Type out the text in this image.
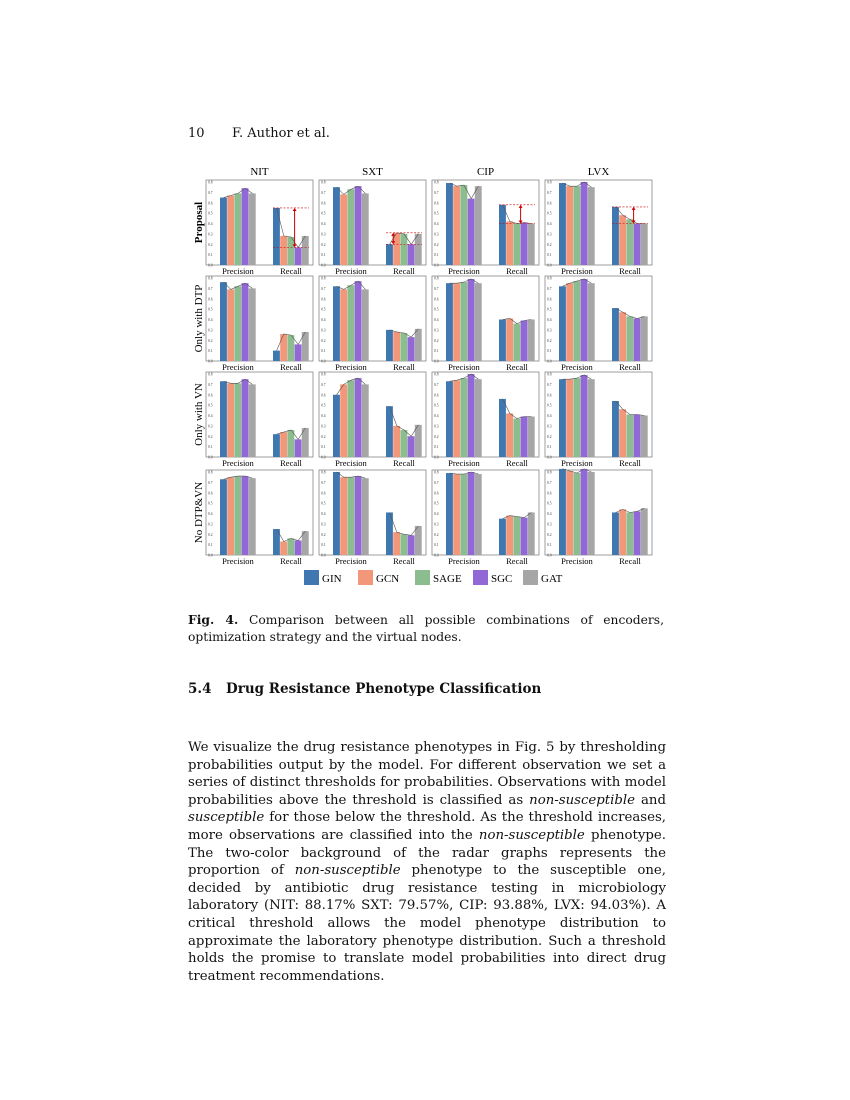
10 F. Author et al.
NIT	SXT	CIP	LVX
Proposal
Only with DTP
Only with VN
No DTP&VN
0.0
0.1
0.2
0.3
0.4
0.5
0.6
0.7
0.8
Precision	Recall
0.0
0.1
0.2
0.3
0.4
0.5
0.6
0.7
0.8
Precision	Recall
0.0
0.1
0.2
0.3
0.4
0.5
0.6
0.7
0.8
Precision	Recall
0.0
0.1
0.2
0.3
0.4
0.5
0.6
0.7
0.8
Precision	Recall
0.0
0.1
0.2
0.3
0.4
0.5
0.6
0.7
0.8
Precision	Recall
0.0
0.1
0.2
0.3
0.4
0.5
0.6
0.7
0.8
Precision	Recall
0.0
0.1
0.2
0.3
0.4
0.5
0.6
0.7
0.8
Precision	Recall
0.0
0.1
0.2
0.3
0.4
0.5
0.6
0.7
0.8
Precision	Recall
0.0
0.1
0.2
0.3
0.4
0.5
0.6
0.7
0.8
Precision	Recall
0.0
0.1
0.2
0.3
0.4
0.5
0.6
0.7
0.8
Precision	Recall
0.0
0.1
0.2
0.3
0.4
0.5
0.6
0.7
0.8
Precision	Recall
0.0
0.1
0.2
0.3
0.4
0.5
0.6
0.7
0.8
Precision	Recall
0.0
0.1
0.2
0.3
0.4
0.5
0.6
0.7
0.8
Precision	Recall
0.0
0.1
0.2
0.3
0.4
0.5
0.6
0.7
0.8
Precision	Recall
0.0
0.1
0.2
0.3
0.4
0.5
0.6
0.7
0.8
Precision	Recall
0.0
0.1
0.2
0.3
0.4
0.5
0.6
0.7
0.8
Precision	Recall
GIN	GCN	SAGE	SGC	GAT
Fig. 4. Comparison between all possible combinations of encoders, optimization strategy and the virtual nodes.
5.4 Drug Resistance Phenotype Classification
We visualize the drug resistance phenotypes in Fig. 5 by thresholding probabilities output by the model. For different observation we set a series of distinct thresholds for probabilities. Observations with model probabilities above the threshold is classified as non-susceptible and susceptible for those below the threshold. As the threshold increases, more observations are classified into the non-susceptible phenotype. The two-color background of the radar graphs represents the proportion of non-susceptible phenotype to the susceptible one, decided by antibiotic drug resistance testing in microbiology laboratory (NIT: 88.17% SXT: 79.57%, CIP: 93.88%, LVX: 94.03%). A critical threshold allows the model phenotype distribution to approximate the laboratory phenotype distribution. Such a threshold holds the promise to translate model probabilities into direct drug treatment recommendations.
